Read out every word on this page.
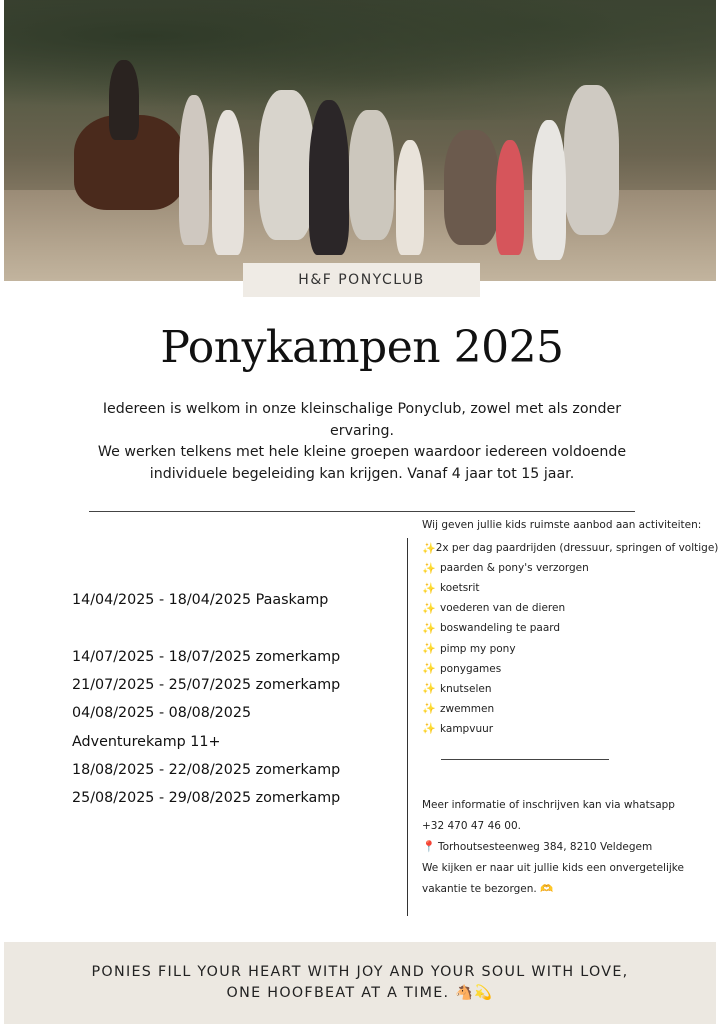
H&F PONYCLUB
Ponykampen 2025
Iedereen is welkom in onze kleinschalige Ponyclub, zowel met als zonder
ervaring.
We werken telkens met hele kleine groepen waardoor iedereen voldoende
individuele begeleiding kan krijgen. Vanaf 4 jaar tot 15 jaar.
14/04/2025 - 18/04/2025 Paaskamp
14/07/2025 - 18/07/2025 zomerkamp
21/07/2025 - 25/07/2025 zomerkamp
04/08/2025 - 08/08/2025
Adventurekamp 11+
18/08/2025 - 22/08/2025 zomerkamp
25/08/2025 - 29/08/2025 zomerkamp
Wij geven jullie kids ruimste aanbod aan activiteiten:
✨ 2x per dag paardrijden (dressuur, springen of voltige)
✨ paarden & pony's verzorgen
✨ koetsrit
✨ voederen van de dieren
✨ boswandeling te paard
✨ pimp my pony
✨ ponygames
✨ knutselen
✨ zwemmen
✨ kampvuur
Meer informatie of inschrijven kan via whatsapp
+32 470 47 46 00.
📍 Torhoutsesteenweg 384, 8210 Veldegem
We kijken er naar uit jullie kids een onvergetelijke
vakantie te bezorgen. 🫶
PONIES FILL YOUR HEART WITH JOY AND YOUR SOUL WITH LOVE,
ONE HOOFBEAT AT A TIME. 🐴💫
